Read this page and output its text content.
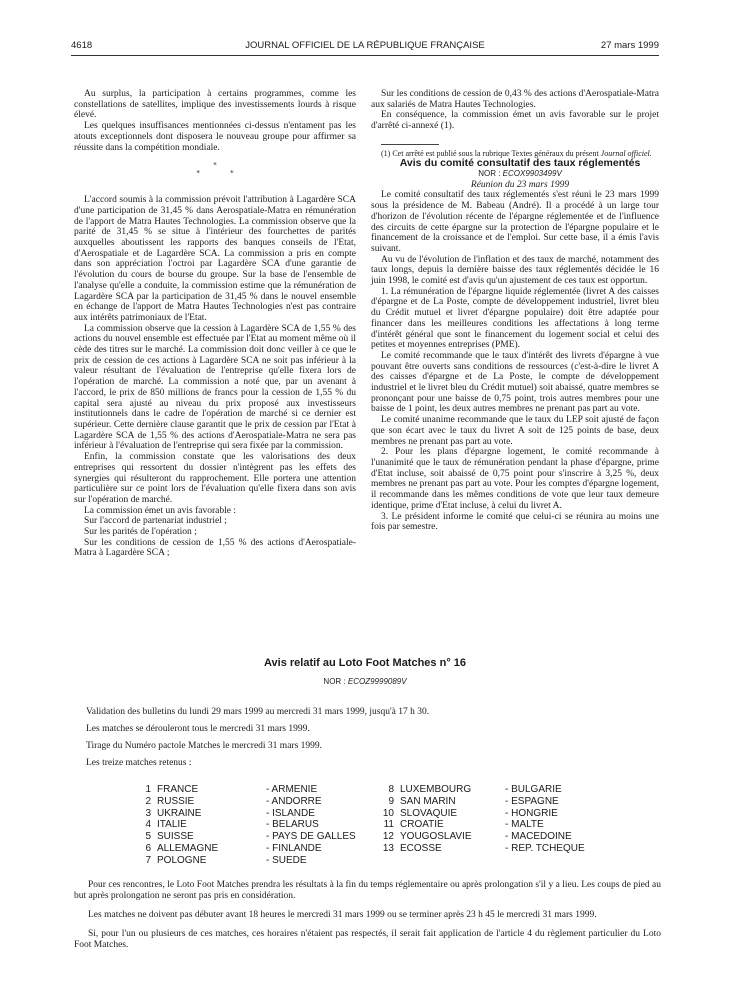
4618	JOURNAL OFFICIEL DE LA RÉPUBLIQUE FRANÇAISE	27 mars 1999

Au surplus, la participation à certains programmes, comme les constellations de satellites, implique des investissements lourds à risque élevé.

Les quelques insuffisances mentionnées ci-dessus n'entament pas les atouts exceptionnels dont disposera le nouveau groupe pour affirmer sa réussite dans la compétition mondiale.

*
* *

L'accord soumis à la commission prévoit l'attribution à Lagardère SCA d'une participation de 31,45 % dans Aerospatiale-Matra en rémunération de l'apport de Matra Hautes Technologies. La commission observe que la parité de 31,45 % se situe à l'intérieur des fourchettes de parités auxquelles aboutissent les rapports des banques conseils de l'Etat, d'Aerospatiale et de Lagardère SCA. La commission a pris en compte dans son appréciation l'octroi par Lagardère SCA d'une garantie de l'évolution du cours de bourse du groupe. Sur la base de l'ensemble de l'analyse qu'elle a conduite, la commission estime que la rémunération de Lagardère SCA par la participation de 31,45 % dans le nouvel ensemble en échange de l'apport de Matra Hautes Technologies n'est pas contraire aux intérêts patrimoniaux de l'Etat.

La commission observe que la cession à Lagardère SCA de 1,55 % des actions du nouvel ensemble est effectuée par l'Etat au moment même où il cède des titres sur le marché. La commission doit donc veiller à ce que le prix de cession de ces actions à Lagardère SCA ne soit pas inférieur à la valeur résultant de l'évaluation de l'entreprise qu'elle fixera lors de l'opération de marché. La commission a noté que, par un avenant à l'accord, le prix de 850 millions de francs pour la cession de 1,55 % du capital sera ajusté au niveau du prix proposé aux investisseurs institutionnels dans le cadre de l'opération de marché si ce dernier est supérieur. Cette dernière clause garantit que le prix de cession par l'Etat à Lagardère SCA de 1,55 % des actions d'Aerospatiale-Matra ne sera pas inférieur à l'évaluation de l'entreprise qui sera fixée par la commission.

Enfin, la commission constate que les valorisations des deux entreprises qui ressortent du dossier n'intègrent pas les effets des synergies qui résulteront du rapprochement. Elle portera une attention particulière sur ce point lors de l'évaluation qu'elle fixera dans son avis sur l'opération de marché.

La commission émet un avis favorable :

Sur l'accord de partenariat industriel ;

Sur les parités de l'opération ;

Sur les conditions de cession de 1,55 % des actions d'Aerospatiale-Matra à Lagardère SCA ;

Sur les conditions de cession de 0,43 % des actions d'Aerospatiale-Matra aux salariés de Matra Hautes Technologies.

En conséquence, la commission émet un avis favorable sur le projet d'arrêté ci-annexé (1).

(1) Cet arrêté est publié sous la rubrique Textes généraux du présent Journal officiel.

Avis du comité consultatif des taux réglementés

NOR : ECOX9903499V

Réunion du 23 mars 1999

Le comité consultatif des taux réglementés s'est réuni le 23 mars 1999 sous la présidence de M. Babeau (André). Il a procédé à un large tour d'horizon de l'évolution récente de l'épargne réglementée et de l'influence des circuits de cette épargne sur la protection de l'épargne populaire et le financement de la croissance et de l'emploi. Sur cette base, il a émis l'avis suivant.

Au vu de l'évolution de l'inflation et des taux de marché, notamment des taux longs, depuis la dernière baisse des taux réglementés décidée le 16 juin 1998, le comité est d'avis qu'un ajustement de ces taux est opportun.

1. La rémunération de l'épargne liquide réglementée (livret A des caisses d'épargne et de La Poste, compte de développement industriel, livret bleu du Crédit mutuel et livret d'épargne populaire) doit être adaptée pour financer dans les meilleures conditions les affectations à long terme d'intérêt général que sont le financement du logement social et celui des petites et moyennes entreprises (PME).

Le comité recommande que le taux d'intérêt des livrets d'épargne à vue pouvant être ouverts sans conditions de ressources (c'est-à-dire le livret A des caisses d'épargne et de La Poste, le compte de développement industriel et le livret bleu du Crédit mutuel) soit abaissé, quatre membres se prononçant pour une baisse de 0,75 point, trois autres membres pour une baisse de 1 point, les deux autres membres ne prenant pas part au vote.

Le comité unanime recommande que le taux du LEP soit ajusté de façon que son écart avec le taux du livret A soit de 125 points de base, deux membres ne prenant pas part au vote.

2. Pour les plans d'épargne logement, le comité recommande à l'unanimité que le taux de rémunération pendant la phase d'épargne, prime d'Etat incluse, soit abaissé de 0,75 point pour s'inscrire à 3,25 %, deux membres ne prenant pas part au vote. Pour les comptes d'épargne logement, il recommande dans les mêmes conditions de vote que leur taux demeure identique, prime d'Etat incluse, à celui du livret A.

3. Le président informe le comité que celui-ci se réunira au moins une fois par semestre.

Avis relatif au Loto Foot Matches n° 16
NOR : ECOZ9999089V
Validation des bulletins du lundi 29 mars 1999 au mercredi 31 mars 1999, jusqu'à 17 h 30.
Les matches se dérouleront tous le mercredi 31 mars 1999.
Tirage du Numéro pactole Matches le mercredi 31 mars 1999.
Les treize matches retenus :
1 FRANCE
2 RUSSIE
3 UKRAINE
4 ITALIE
5 SUISSE
6 ALLEMAGNE
7 POLOGNE
- ARMENIE
- ANDORRE
- ISLANDE
- BELARUS
- PAYS DE GALLES
- FINLANDE
- SUEDE
8 LUXEMBOURG
9 SAN MARIN
10 SLOVAQUIE
11 CROATIE
12 YOUGOSLAVIE
13 ECOSSE
- BULGARIE
- ESPAGNE
- HONGRIE
- MALTE
- MACEDOINE
- REP. TCHEQUE

Pour ces rencontres, le Loto Foot Matches prendra les résultats à la fin du temps réglementaire ou après prolongation s'il y a lieu. Les coups de pied au but après prolongation ne seront pas pris en considération.

Les matches ne doivent pas débuter avant 18 heures le mercredi 31 mars 1999 ou se terminer après 23 h 45 le mercredi 31 mars 1999.

Si, pour l'un ou plusieurs de ces matches, ces horaires n'étaient pas respectés, il serait fait application de l'article 4 du règlement particulier du Loto Foot Matches.
